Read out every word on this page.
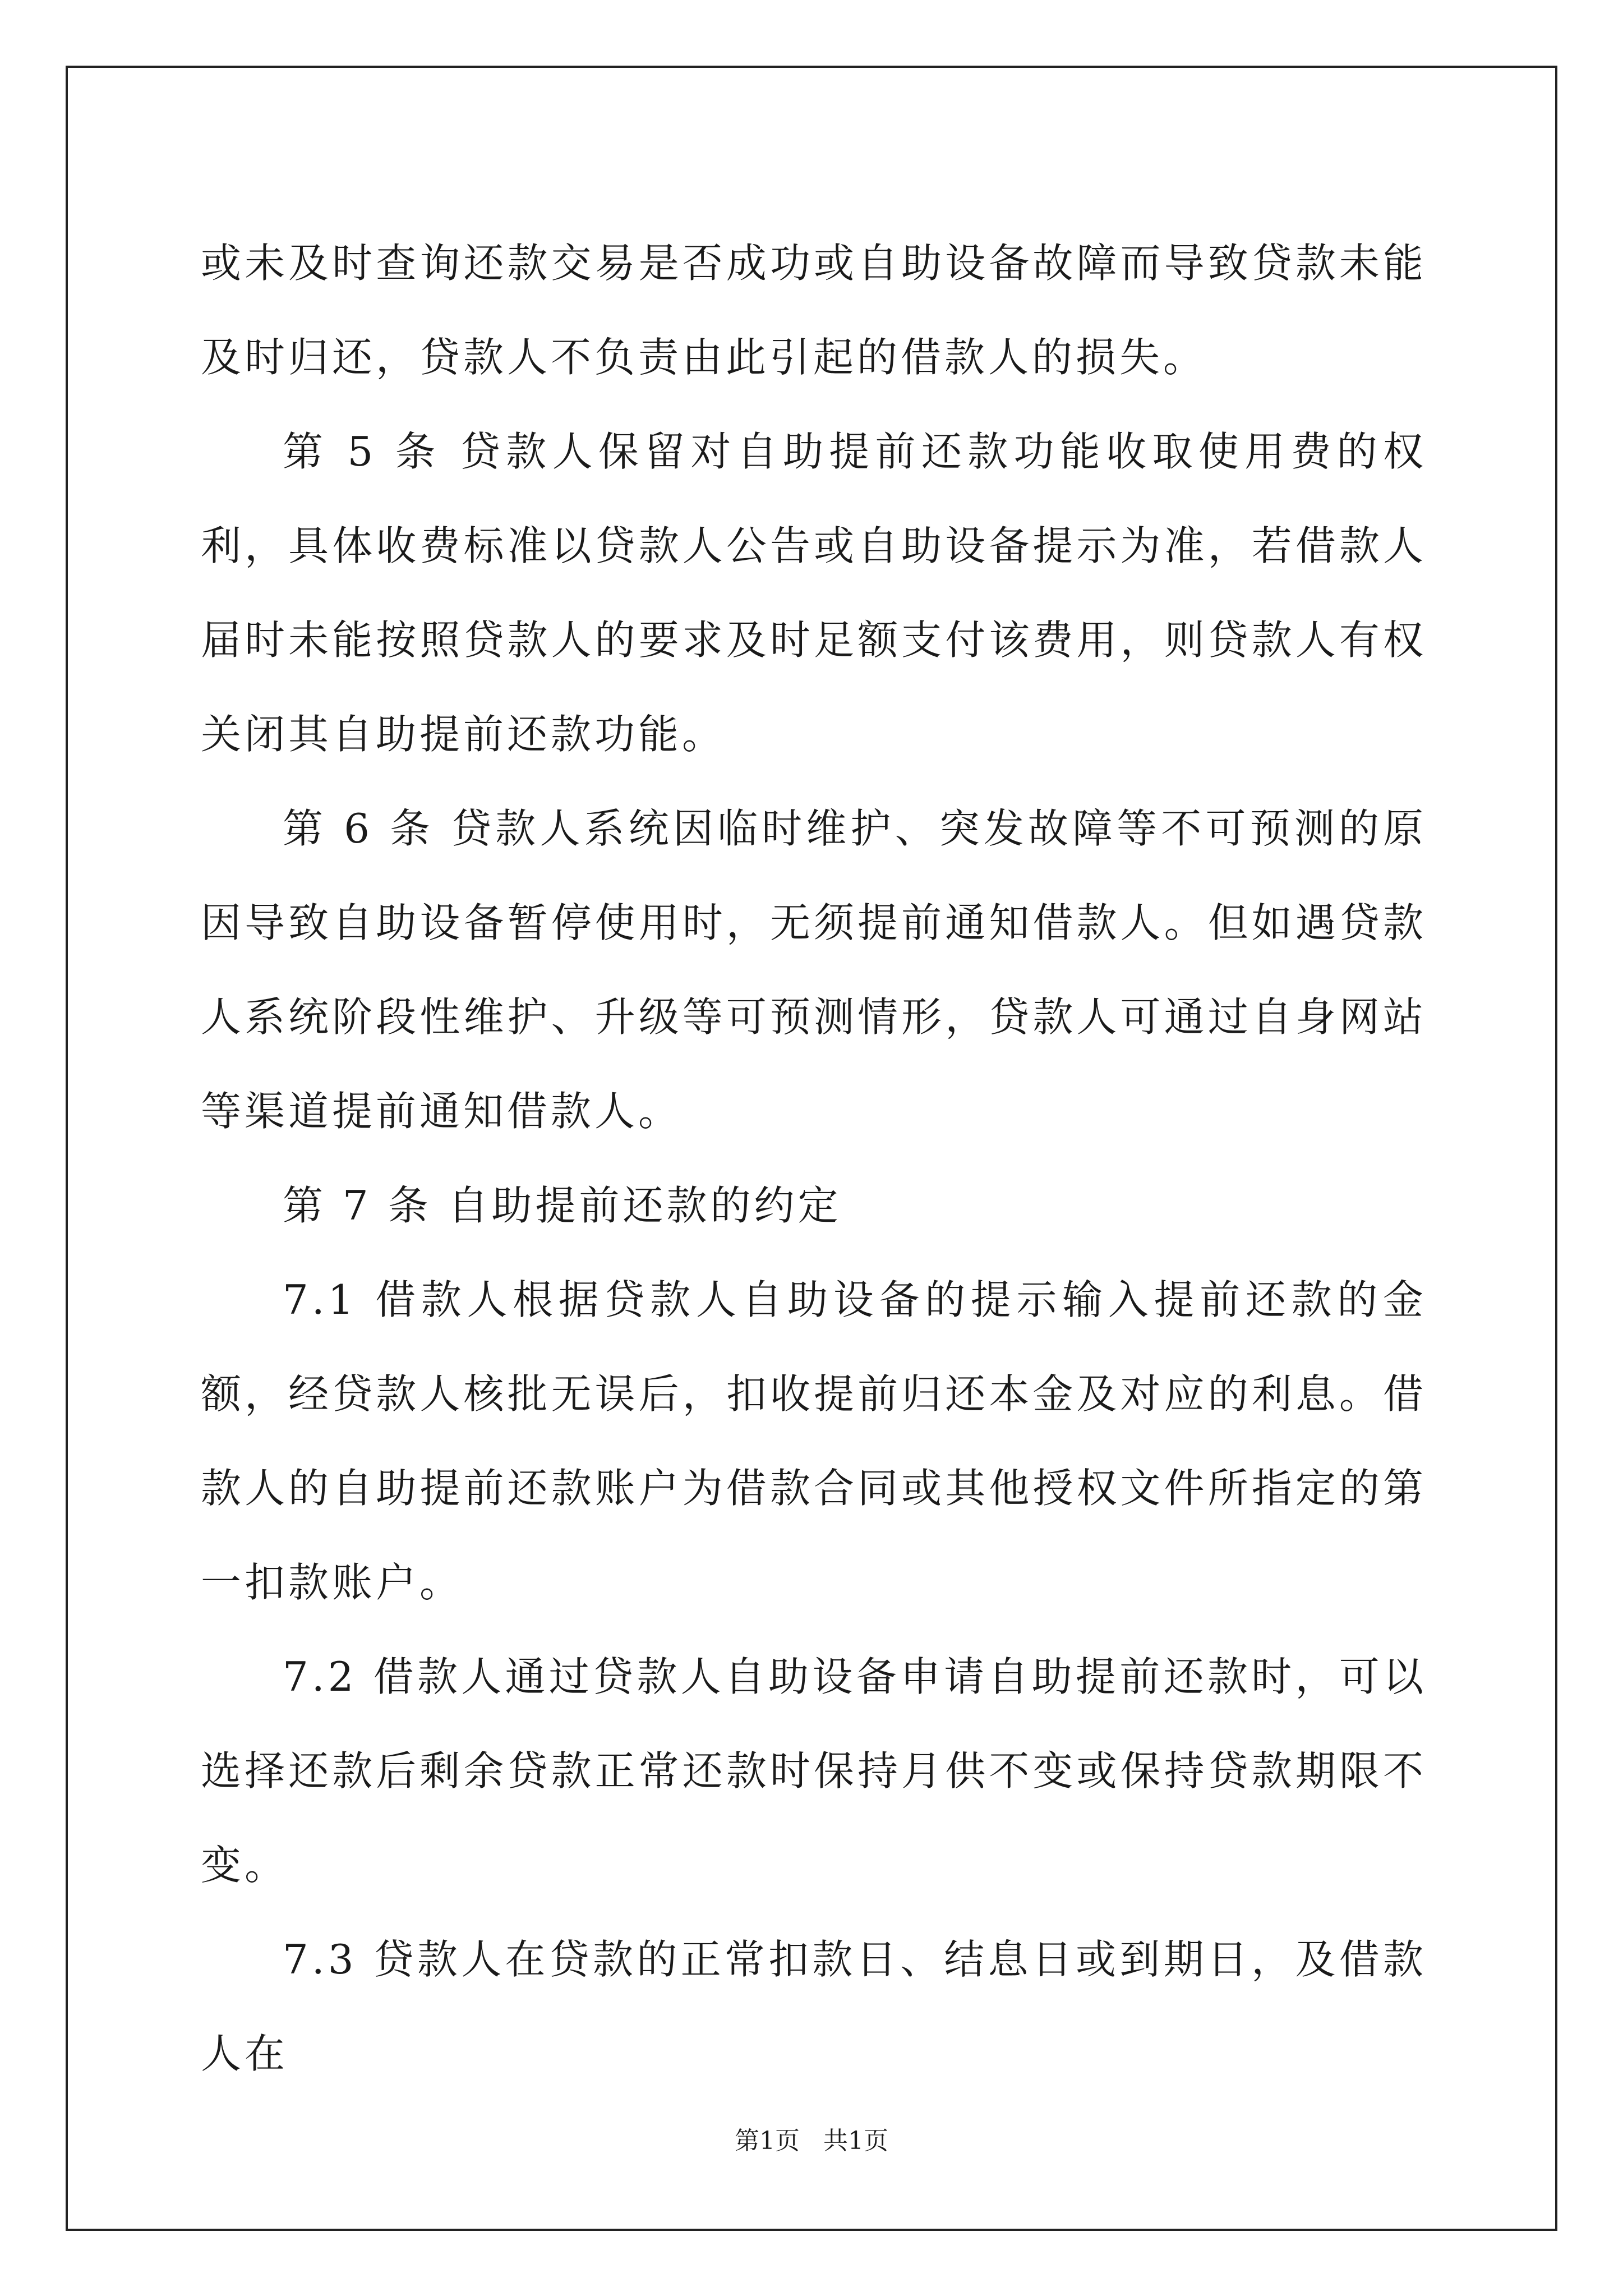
或未及时查询还款交易是否成功或自助设备故障而导致贷款未能及时归还，贷款人不负责由此引起的借款人的损失。

第 5 条 贷款人保留对自助提前还款功能收取使用费的权利，具体收费标准以贷款人公告或自助设备提示为准，若借款人届时未能按照贷款人的要求及时足额支付该费用，则贷款人有权关闭其自助提前还款功能。

第 6 条 贷款人系统因临时维护、突发故障等不可预测的原因导致自助设备暂停使用时，无须提前通知借款人。但如遇贷款人系统阶段性维护、升级等可预测情形，贷款人可通过自身网站等渠道提前通知借款人。

第 7 条 自助提前还款的约定

7.1 借款人根据贷款人自助设备的提示输入提前还款的金额，经贷款人核批无误后，扣收提前归还本金及对应的利息。借款人的自助提前还款账户为借款合同或其他授权文件所指定的第一扣款账户。

7.2 借款人通过贷款人自助设备申请自助提前还款时，可以选择还款后剩余贷款正常还款时保持月供不变或保持贷款期限不变。

7.3 贷款人在贷款的正常扣款日、结息日或到期日，及借款人在

第1页   共1页
